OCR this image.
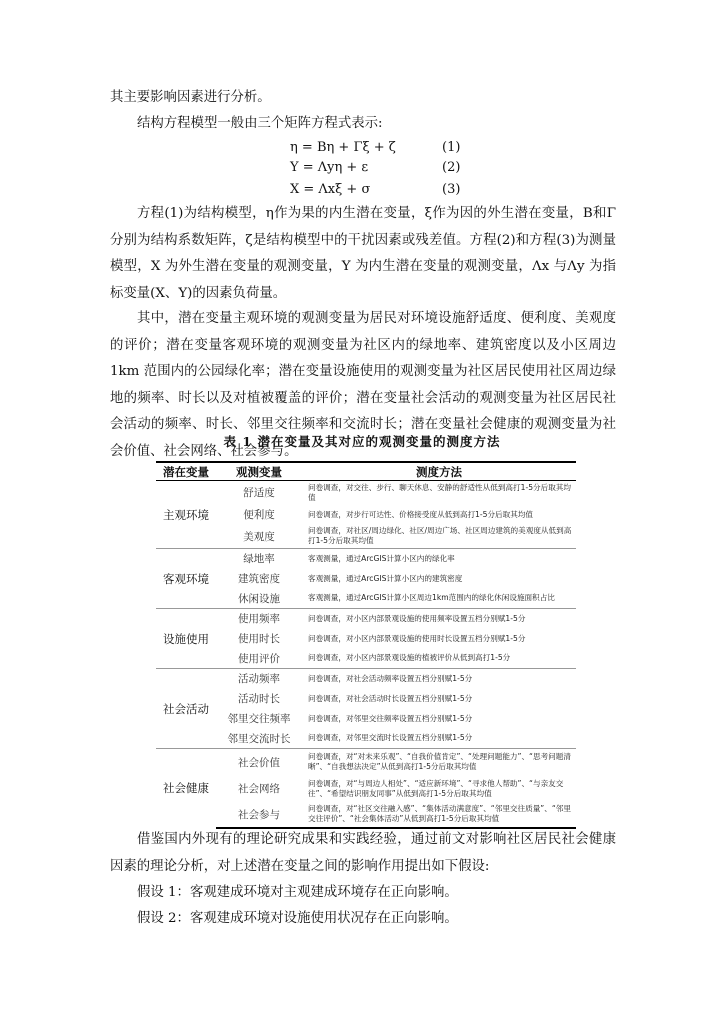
其主要影响因素进行分析。

结构方程模型一般由三个矩阵方程式表示:

η = Bη + Γξ + ζ	(1)
Y = Λyη + ε	(2)
X = Λxξ + σ	(3)

方程(1)为结构模型，η作为果的内生潜在变量，ξ作为因的外生潜在变量，B和Γ分别为结构系数矩阵，ζ是结构模型中的干扰因素或残差值。方程(2)和方程(3)为测量模型，X 为外生潜在变量的观测变量，Y 为内生潜在变量的观测变量，Λx 与Λy 为指标变量(X、Y)的因素负荷量。

其中，潜在变量主观环境的观测变量为居民对环境设施舒适度、便利度、美观度的评价；潜在变量客观环境的观测变量为社区内的绿地率、建筑密度以及小区周边 1km 范围内的公园绿化率；潜在变量设施使用的观测变量为社区居民使用社区周边绿地的频率、时长以及对植被覆盖的评价；潜在变量社会活动的观测变量为社区居民社会活动的频率、时长、邻里交往频率和交流时长；潜在变量社会健康的观测变量为社会价值、社会网络、社会参与。

表 1 潜在变量及其对应的观测变量的测度方法
潜在变量	观测变量	测度方法
主观环境	舒适度	问卷调查，对交往、步行、聊天休息、安静的舒适性从低到高打1-5分后取其均值
	便利度	问卷调查，对步行可达性、价格接受度从低到高打1-5分后取其均值
	美观度	问卷调查，对社区/周边绿化、社区/周边广场、社区周边建筑的美观度从低到高打1-5分后取其均值
客观环境	绿地率	客观测量，通过ArcGIS计算小区内的绿化率
	建筑密度	客观测量，通过ArcGIS计算小区内的建筑密度
	休闲设施	客观测量，通过ArcGIS计算小区周边1km范围内的绿化休闲设施面积占比
设施使用	使用频率	问卷调查，对小区内部景观设施的使用频率设置五档分别赋1-5分
	使用时长	问卷调查，对小区内部景观设施的使用时长设置五档分别赋1-5分
	使用评价	问卷调查，对小区内部景观设施的植被评价从低到高打1-5分
社会活动	活动频率	问卷调查，对社会活动频率设置五档分别赋1-5分
	活动时长	问卷调查，对社会活动时长设置五档分别赋1-5分
	邻里交往频率	问卷调查，对邻里交往频率设置五档分别赋1-5分
	邻里交流时长	问卷调查，对邻里交流时长设置五档分别赋1-5分
社会健康	社会价值	问卷调查，对“对未来乐观”、“自我价值肯定”、“处理问题能力”、“思考问题清晰”、“自我想法决定”从低到高打1-5分后取其均值
	社会网络	问卷调查，对“与周边人相处”、“适应新环境”、“寻求他人帮助”、“与亲友交往”、“希望结识朋友同事”从低到高打1-5分后取其均值
	社会参与	问卷调查，对“社区交往融入感”、“集体活动满意度”、“邻里交往质量”、“邻里交往评价”、“社会集体活动”从低到高打1-5分后取其均值

借鉴国内外现有的理论研究成果和实践经验，通过前文对影响社区居民社会健康因素的理论分析，对上述潜在变量之间的影响作用提出如下假设:

假设 1：客观建成环境对主观建成环境存在正向影响。

假设 2：客观建成环境对设施使用状况存在正向影响。
